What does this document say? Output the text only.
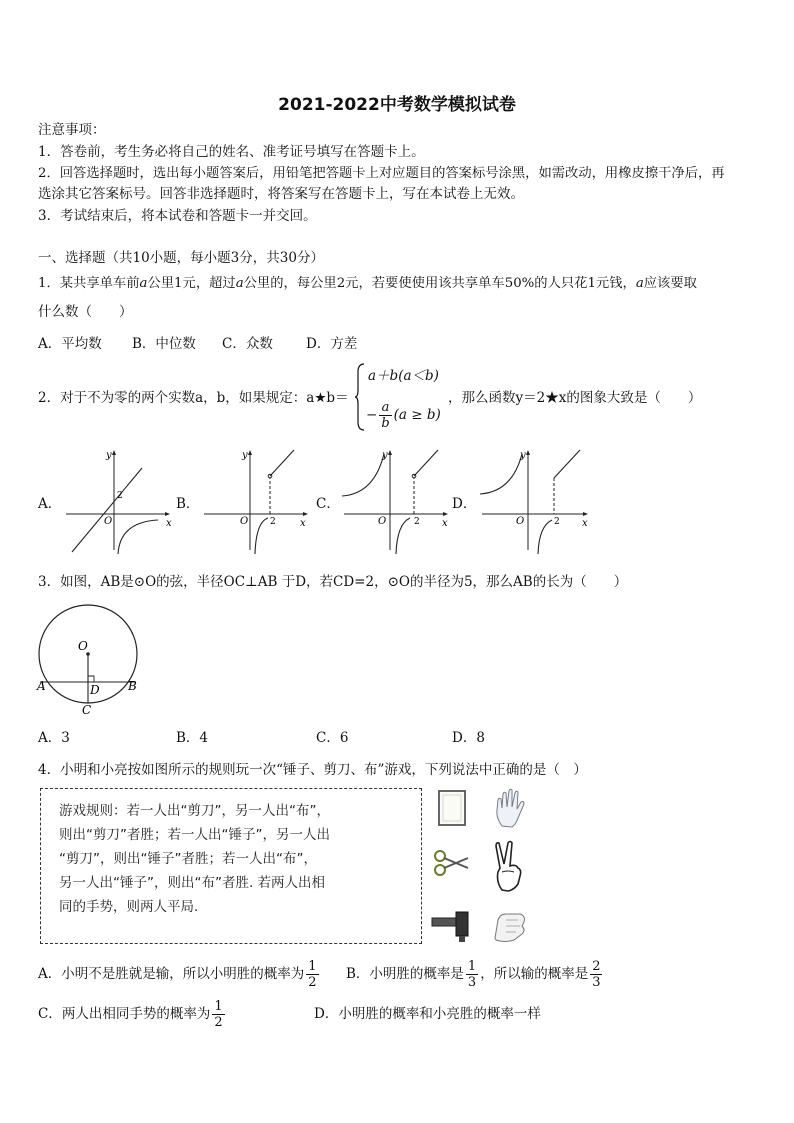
2021-2022中考数学模拟试卷
注意事项：
1．答卷前，考生务必将自己的姓名、准考证号填写在答题卡上。
2．回答选择题时，选出每小题答案后，用铅笔把答题卡上对应题目的答案标号涂黑，如需改动，用橡皮擦干净后，再
选涂其它答案标号。回答非选择题时，将答案写在答题卡上，写在本试卷上无效。
3．考试结束后，将本试卷和答题卡一并交回。
一、选择题（共10小题，每小题3分，共30分）
1．某共享单车前𝑎公里1元，超过𝑎公里的，每公里2元，若要使使用该共享单车50%的人只花1元钱，𝑎应该要取
什么数（　　）
A．平均数 B．中位数 C．众数 D．方差
2．对于不为零的两个实数a，b，如果规定：a★b＝
a＋b(a＜b)
− $\frac{a}{b} (a \ge b)$
，那么函数y＝2★x的图象大致是（　　）
A．	B．	C．	D．
y
x
O
2
y
x
O 2
y
x
O	2
y
x
O	2
3．如图，AB是⊙O的弦，半径OC⊥AB 于D，若CD=2，⊙O的半径为5，那么AB的长为（　　）
O
A	B
D
C
A．3	B．4	C．6	D．8
4．小明和小亮按如图所示的规则玩一次“锤子、剪刀、布”游戏，下列说法中正确的是（　）
游戏规则：若一人出“剪刀”，另一人出“布”，
则出“剪刀”者胜；若一人出“锤子”，另一人出
“剪刀”，则出“锤子”者胜；若一人出“布”，
另一人出“锤子”，则出“布”者胜. 若两人出相
同的手势，则两人平局.
A．小明不是胜就是输，所以小明胜的概率为 $\frac{1}{2}$ B．小明胜的概率是 $\frac{1}{3}$ ，所以输的概率是 $\frac{2}{3}$
C．两人出相同手势的概率为 $\frac{1}{2}$	D．小明胜的概率和小亮胜的概率一样
